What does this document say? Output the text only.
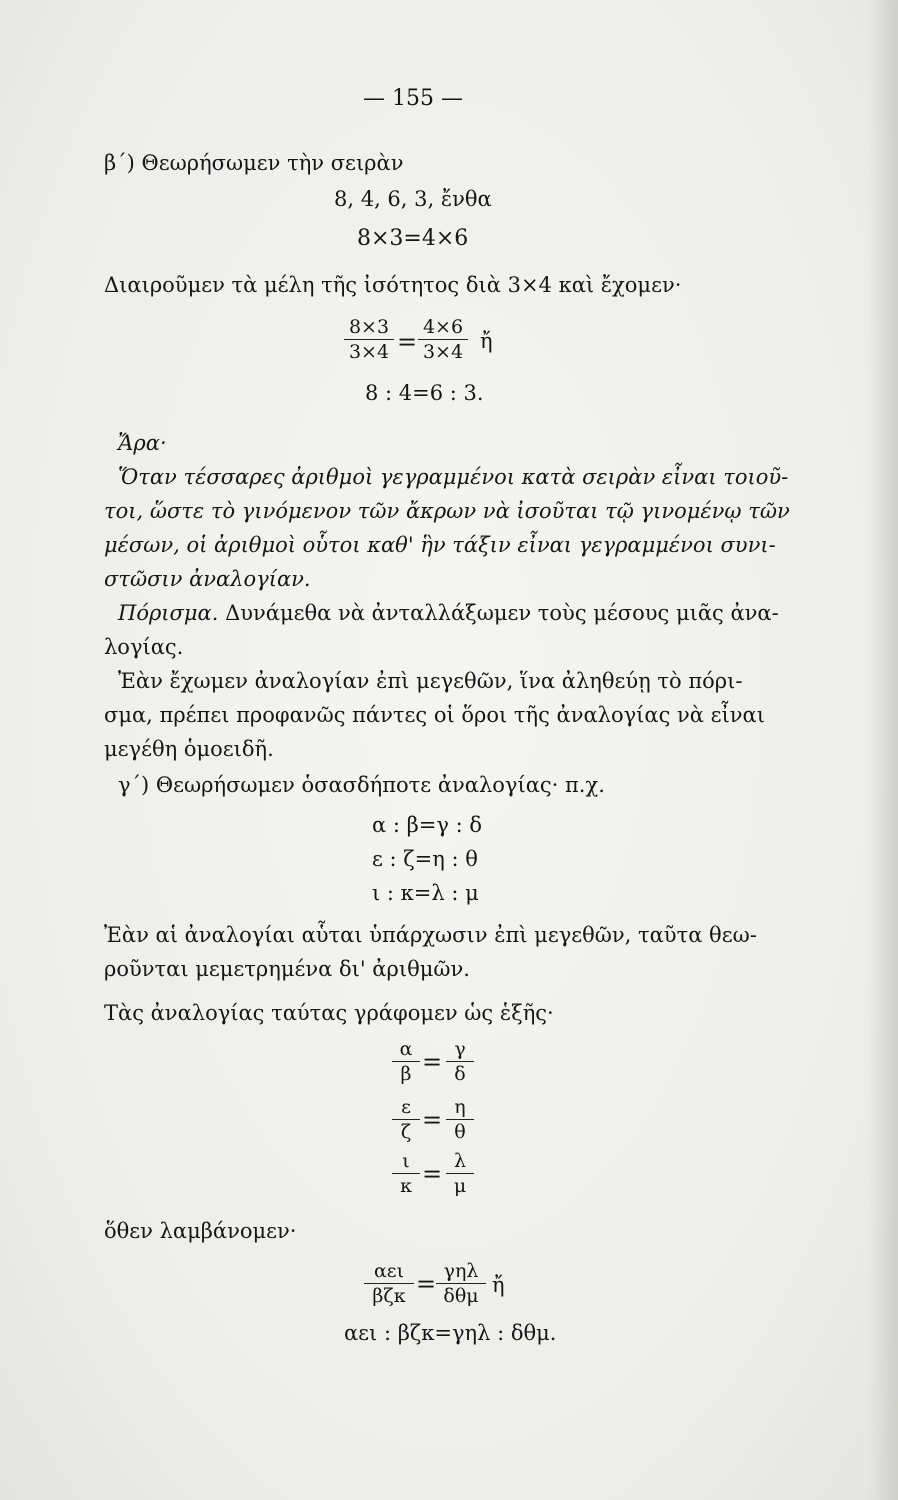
— 155 —
β΄) Θεωρήσωμεν τὴν σειρὰν
8, 4, 6, 3, ἔνθα
8×3=4×6
Διαιροῦμεν τὰ μέλη τῆς ἰσότητος διὰ 3×4 καὶ ἔχομεν·
8×3
3×4 =
4×6
3×4 ἤ
8 : 4=6 : 3.
Ἄρα·
Ὅταν τέσσαρες ἀριθμοὶ γεγραμμένοι κατὰ σειρὰν εἶναι τοιοῦ-
τοι, ὥστε τὸ γινόμενον τῶν ἄκρων νὰ ἰσοῦται τῷ γινομένῳ τῶν
μέσων, οἱ ἀριθμοὶ οὗτοι καθ' ἣν τάξιν εἶναι γεγραμμένοι συνι-
στῶσιν ἀναλογίαν.
Πόρισμα. Δυνάμεθα νὰ ἀνταλλάξωμεν τοὺς μέσους μιᾶς ἀνα-
λογίας.
Ἐὰν ἔχωμεν ἀναλογίαν ἐπὶ μεγεθῶν, ἵνα ἀληθεύῃ τὸ πόρι-
σμα, πρέπει προφανῶς πάντες οἱ ὅροι τῆς ἀναλογίας νὰ εἶναι
μεγέθη ὁμοειδῆ.
γ΄) Θεωρήσωμεν ὁσασδήποτε ἀναλογίας· π.χ.
α : β=γ : δ
ε : ζ=η : θ
ι : κ=λ : μ
Ἐὰν αἱ ἀναλογίαι αὗται ὑπάρχωσιν ἐπὶ μεγεθῶν, ταῦτα θεω-
ροῦνται μεμετρημένα δι' ἀριθμῶν.
Τὰς ἀναλογίας ταύτας γράφομεν ὡς ἑξῆς·
α
β = γ
δ
ε
ζ = η
θ
ι
κ = λ
μ
ὅθεν λαμβάνομεν·
αει
βζκ = γηλ
δθμ ἤ
αει : βζκ=γηλ : δθμ.
